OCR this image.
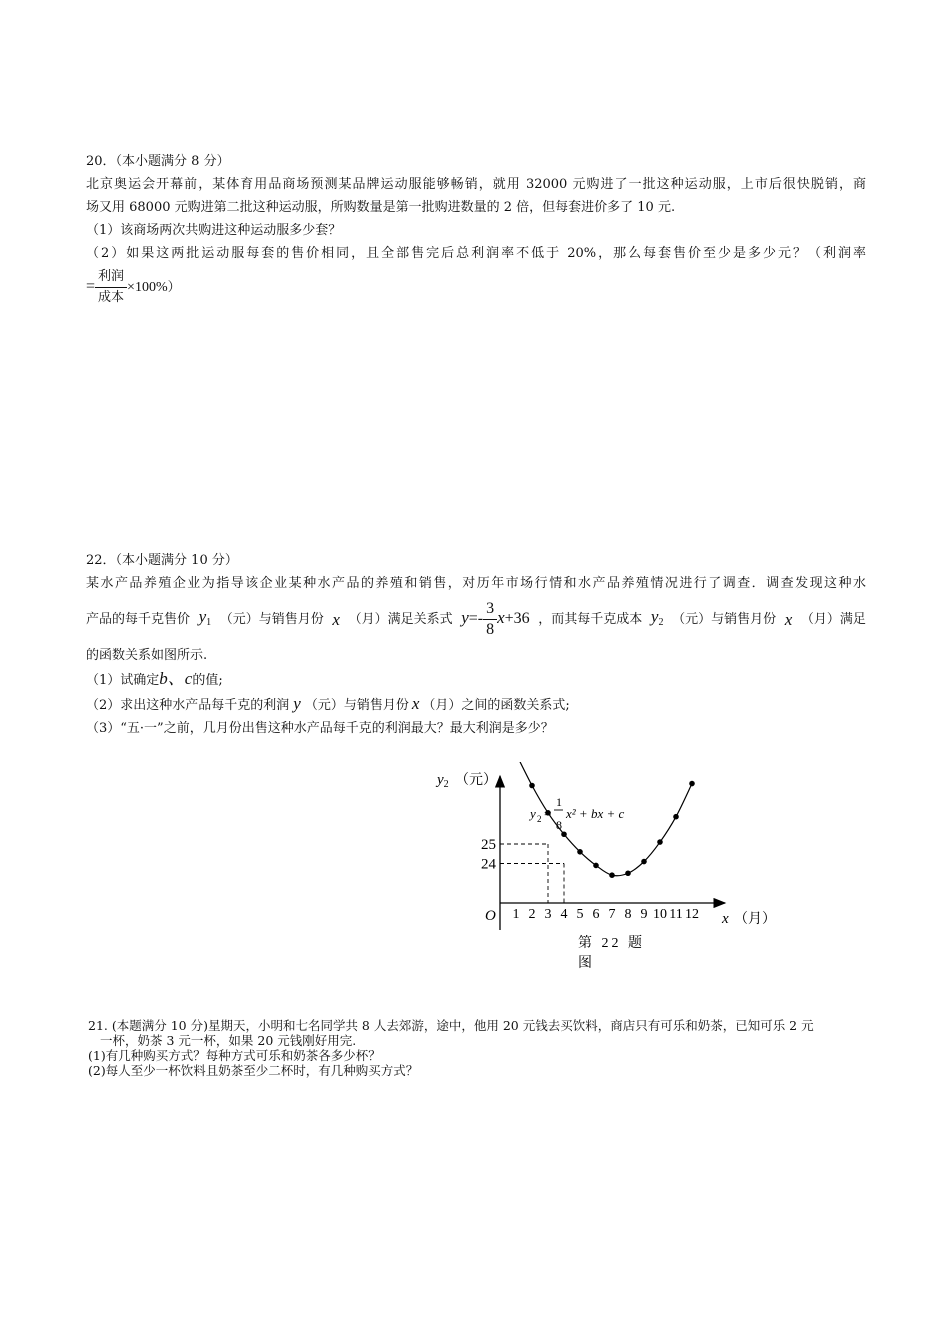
20．（本小题满分 8 分）
北京奥运会开幕前，某体育用品商场预测某品牌运动服能够畅销，就用 32000 元购进了一批这种运动服，上市后很快脱销，商
场又用 68000 元购进第二批这种运动服，所购数量是第一批购进数量的 2 倍，但每套进价多了 10 元.
（1）该商场两次共购进这种运动服多少套？
（2）如果这两批运动服每套的售价相同，且全部售完后总利润率不低于 20%，那么每套售价至少是多少元？（利润率
= $\frac{\text{利润}}{\text{成本}} \times 100\%$）
22．（本小题满分 10 分）
某水产品养殖企业为指导该企业某种水产品的养殖和销售，对历年市场行情和水产品养殖情况进行了调查．调查发现这种水
产品的每千克售价 $y_1$ （元）与销售月份 x （月）满足关系式 $y=- \frac{3}{8} x+36$ ，而其每千克成本 $y_2$ （元）与销售月份 x （月）满足
的函数关系如图所示.
（1）试确定b、c的值;
（2）求出这种水产品每千克的利润 y （元）与销售月份 x （月）之间的函数关系式;
（3）“五·一”之前，几月份出售这种水产品每千克的利润最大？最大利润是多少？
$y_2$ （元）
x （月）
O 1 2 3 4 5 6 7 8 9 10 11 12
24
25
y 2 =
1
8
x² + bx + c
第 22 题
图
21. (本题满分 10 分)星期天，小明和七名同学共 8 人去郊游，途中，他用 20 元钱去买饮料，商店只有可乐和奶茶，已知可乐 2 元
一杯，奶茶 3 元一杯，如果 20 元钱刚好用完.
(1)有几种购买方式？每种方式可乐和奶茶各多少杯？
(2)每人至少一杯饮料且奶茶至少二杯时，有几种购买方式？
